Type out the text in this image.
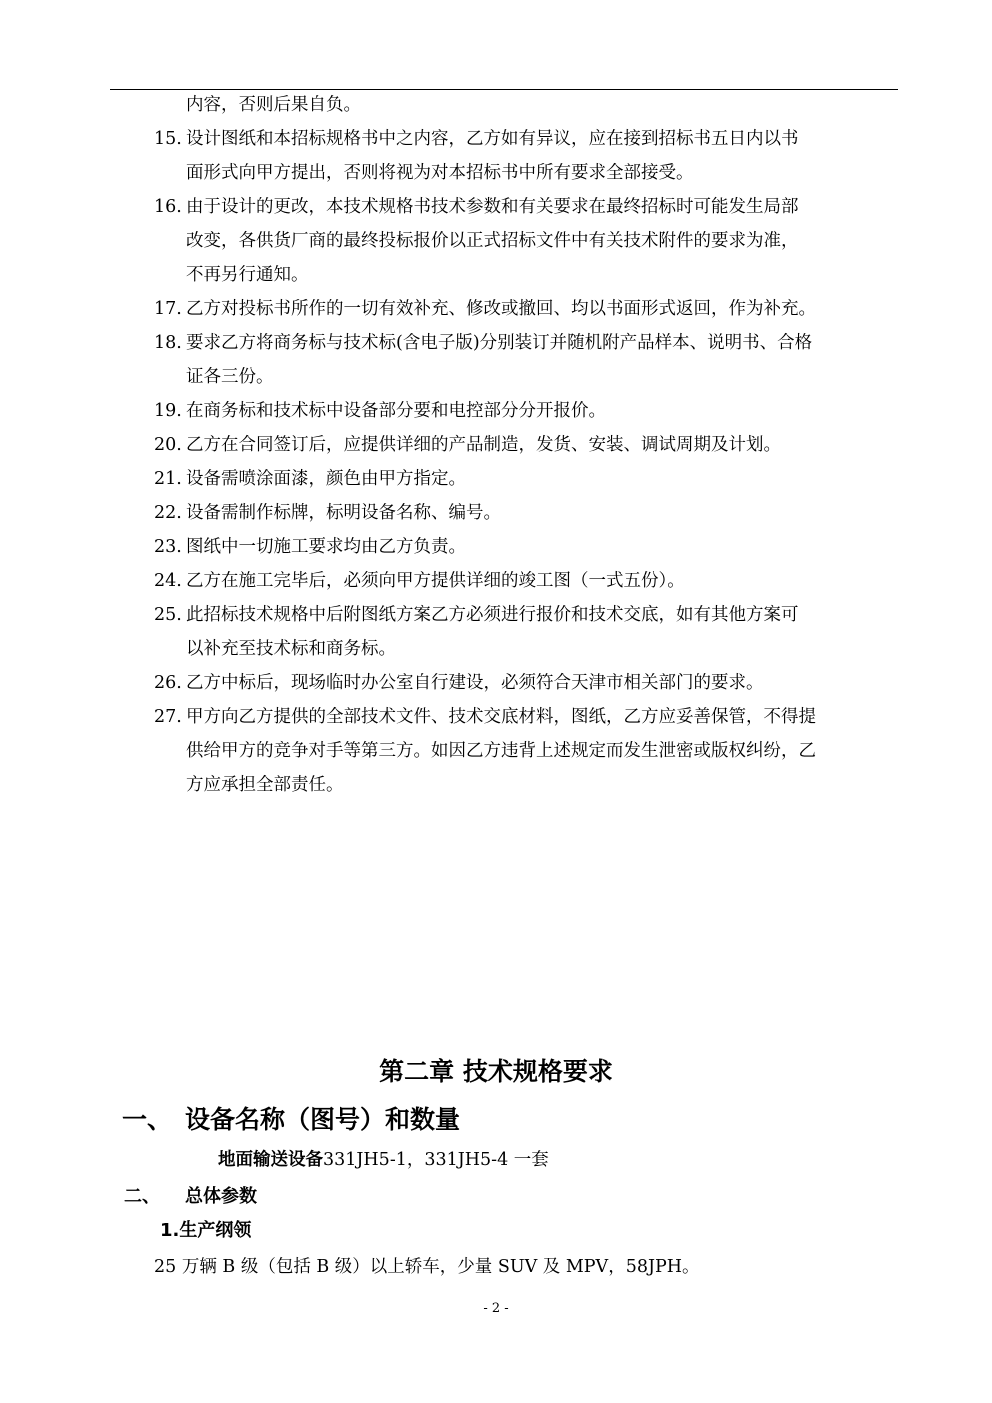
内容，否则后果自负。
15. 设计图纸和本招标规格书中之内容，乙方如有异议，应在接到招标书五日内以书
面形式向甲方提出，否则将视为对本招标书中所有要求全部接受。
16. 由于设计的更改，本技术规格书技术参数和有关要求在最终招标时可能发生局部
改变，各供货厂商的最终投标报价以正式招标文件中有关技术附件的要求为准，
不再另行通知。
17. 乙方对投标书所作的一切有效补充、修改或撤回、均以书面形式返回，作为补充。
18. 要求乙方将商务标与技术标(含电子版)分别装订并随机附产品样本、说明书、合格
证各三份。
19. 在商务标和技术标中设备部分要和电控部分分开报价。
20. 乙方在合同签订后，应提供详细的产品制造，发货、安装、调试周期及计划。
21. 设备需喷涂面漆，颜色由甲方指定。
22. 设备需制作标牌，标明设备名称、编号。
23. 图纸中一切施工要求均由乙方负责。
24. 乙方在施工完毕后，必须向甲方提供详细的竣工图（一式五份）。
25. 此招标技术规格中后附图纸方案乙方必须进行报价和技术交底，如有其他方案可
以补充至技术标和商务标。
26. 乙方中标后，现场临时办公室自行建设，必须符合天津市相关部门的要求。
27. 甲方向乙方提供的全部技术文件、技术交底材料，图纸，乙方应妥善保管，不得提
供给甲方的竞争对手等第三方。如因乙方违背上述规定而发生泄密或版权纠纷，乙
方应承担全部责任。
第二章 技术规格要求
一、 设备名称（图号）和数量
地面输送设备331JH5-1，331JH5-4 一套
二、 总体参数
1.生产纲领
25 万辆 B 级（包括 B 级）以上轿车，少量 SUV 及 MPV，58JPH。
- 2 -
